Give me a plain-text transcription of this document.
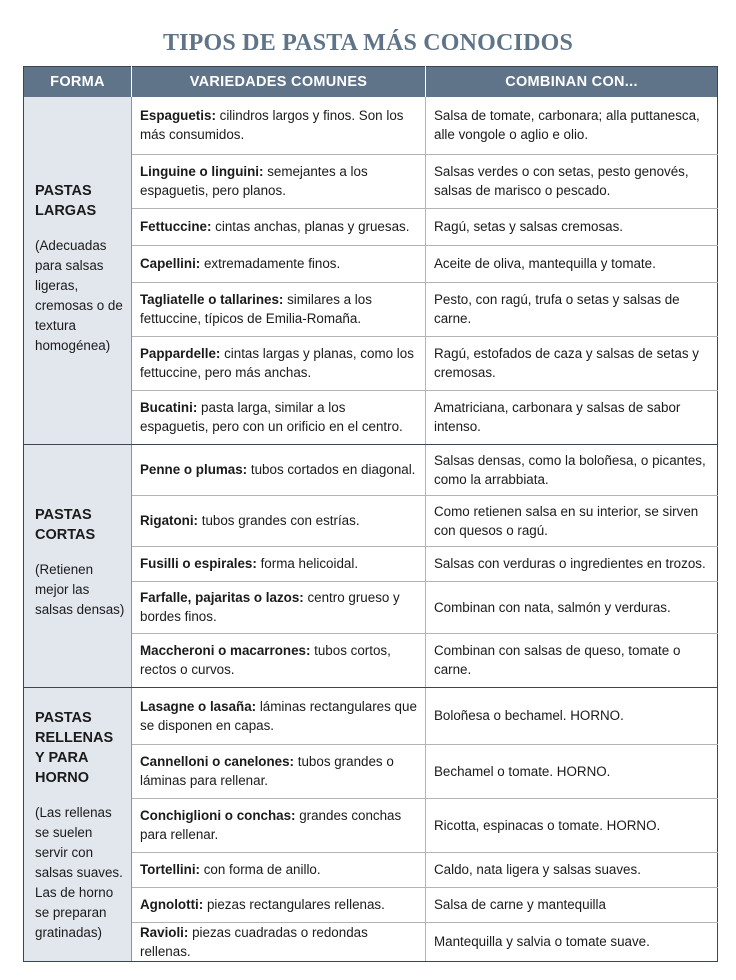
TIPOS DE PASTA MÁS CONOCIDOS
FORMA	VARIEDADES COMUNES	COMBINAN CON...

PASTAS LARGAS
(Adecuadas para salsas ligeras, cremosas o de textura homogénea)	Espaguetis: cilindros largos y finos. Son los más consumidos.	Salsa de tomate, carbonara; alla puttanesca, alle vongole o aglio e olio.
	Linguine o linguini: semejantes a los espaguetis, pero planos.	Salsas verdes o con setas, pesto genovés, salsas de marisco o pescado.
	Fettuccine: cintas anchas, planas y gruesas.	Ragú, setas y salsas cremosas.
	Capellini: extremadamente finos.	Aceite de oliva, mantequilla y tomate.
	Tagliatelle o tallarines: similares a los fettuccine, típicos de Emilia-Romaña.	Pesto, con ragú, trufa o setas y salsas de carne.
	Pappardelle: cintas largas y planas, como los fettuccine, pero más anchas.	Ragú, estofados de caza y salsas de setas y cremosas.
	Bucatini: pasta larga, similar a los espaguetis, pero con un orificio en el centro.	Amatriciana, carbonara y salsas de sabor intenso.

PASTAS CORTAS
(Retienen mejor las salsas densas)	Penne o plumas: tubos cortados en diagonal.	Salsas densas, como la boloñesa, o picantes, como la arrabbiata.
	Rigatoni: tubos grandes con estrías.	Como retienen salsa en su interior, se sirven con quesos o ragú.
	Fusilli o espirales: forma helicoidal.	Salsas con verduras o ingredientes en trozos.
	Farfalle, pajaritas o lazos: centro grueso y bordes finos.	Combinan con nata, salmón y verduras.
	Maccheroni o macarrones: tubos cortos, rectos o curvos.	Combinan con salsas de queso, tomate o carne.

PASTAS RELLENAS Y PARA HORNO
(Las rellenas se suelen servir con salsas suaves. Las de horno se preparan gratinadas)	Lasagne o lasaña: láminas rectangulares que se disponen en capas.	Boloñesa o bechamel. HORNO.
	Cannelloni o canelones: tubos grandes o láminas para rellenar.	Bechamel o tomate. HORNO.
	Conchiglioni o conchas: grandes conchas para rellenar.	Ricotta, espinacas o tomate. HORNO.
	Tortellini: con forma de anillo.	Caldo, nata ligera y salsas suaves.
	Agnolotti: piezas rectangulares rellenas.	Salsa de carne y mantequilla
	Ravioli: piezas cuadradas o redondas rellenas.	Mantequilla y salvia o tomate suave.
